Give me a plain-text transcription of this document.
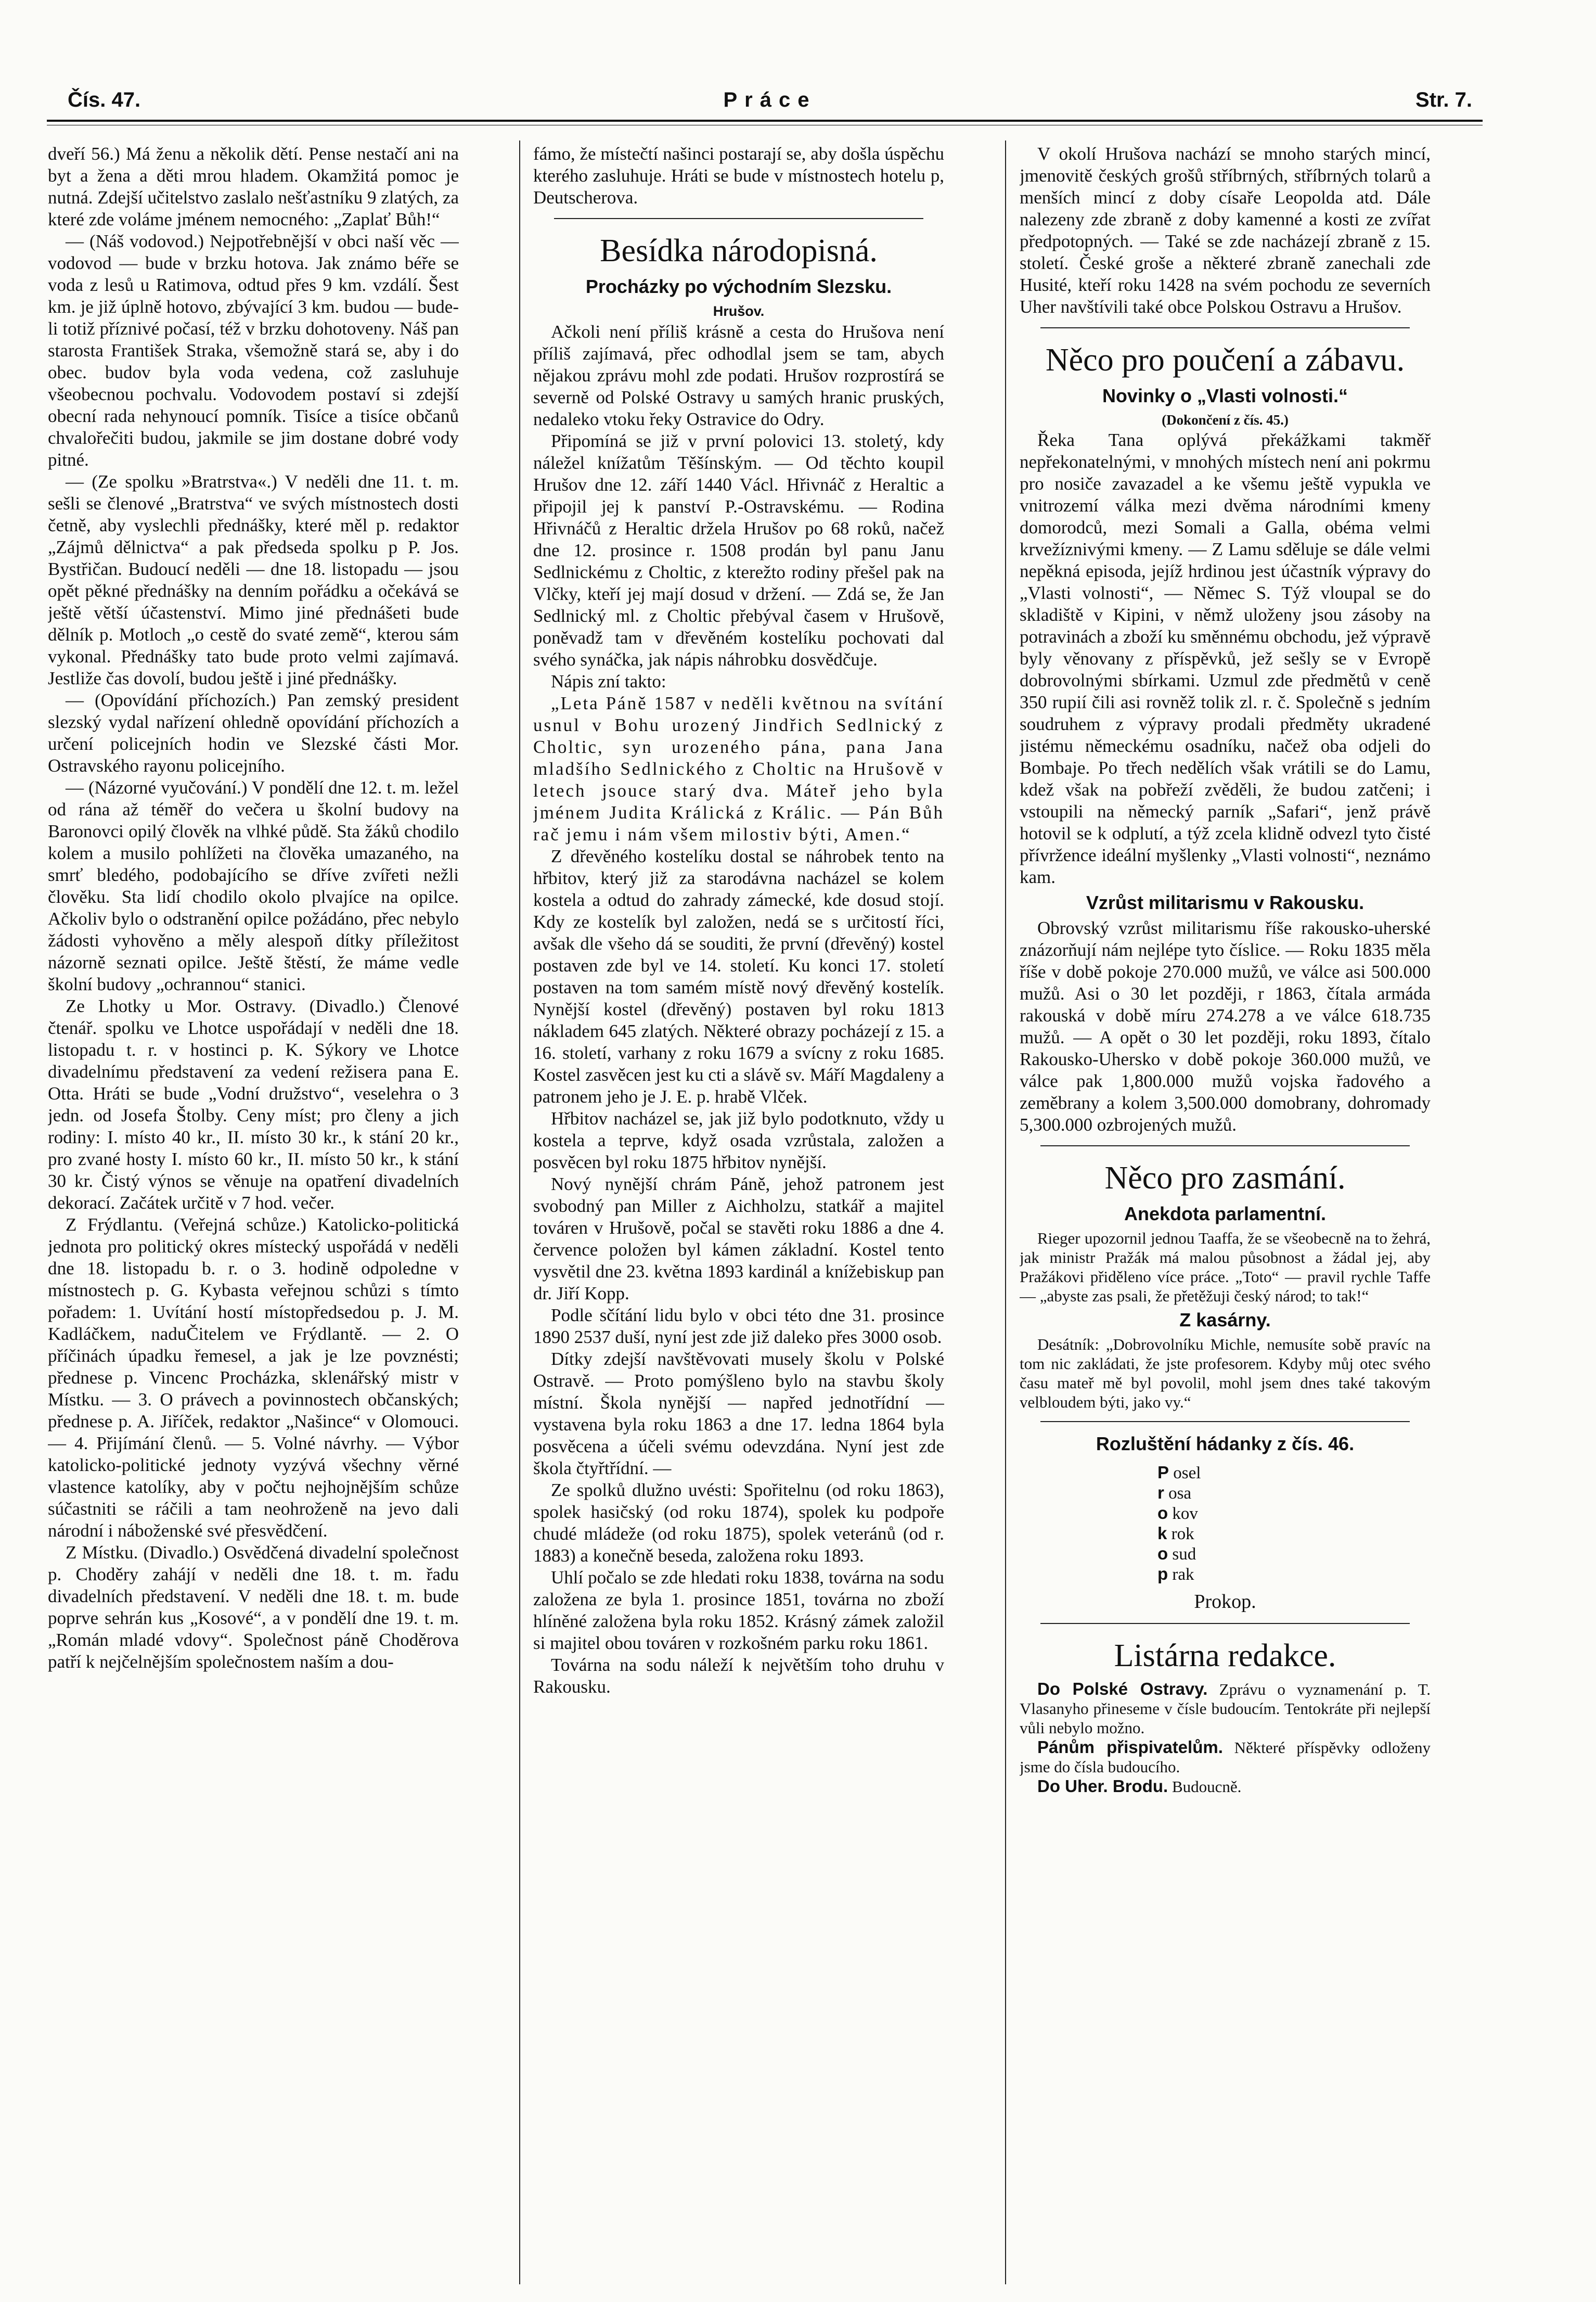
Čís. 47.	Práce	Str. 7.

dveří 56.) Má ženu a několik dětí. Pense nestačí ani na byt a žena a děti mrou hladem. Okamžitá pomoc je nutná. Zdejší učitelstvo zaslalo nešťastníku 9 zlatých, za které zde voláme jménem nemocného: „Zaplať Bůh!“

— (Náš vodovod.) Nejpotřebnější v obci naší věc — vodovod — bude v brzku hotova. Jak známo béře se voda z lesů u Ratimova, odtud přes 9 km. vzdálí. Šest km. je již úplně hotovo, zbývající 3 km. budou — bude-li totiž příznivé počasí, též v brzku dohotoveny. Náš pan starosta František Straka, všemožně stará se, aby i do obec. budov byla voda vedena, což zasluhuje všeobecnou pochvalu. Vodovodem postaví si zdejší obecní rada nehynoucí pomník. Tisíce a tisíce občanů chvalořečiti budou, jakmile se jim dostane dobré vody pitné.

— (Ze spolku »Bratrstva«.) V neděli dne 11. t. m. sešli se členové „Bratrstva“ ve svých místnostech dosti četně, aby vyslechli přednášky, které měl p. redaktor „Zájmů dělnictva“ a pak předseda spolku p P. Jos. Bystřičan. Budoucí neděli — dne 18. listopadu — jsou opět pěkné přednášky na denním pořádku a očekává se ještě větší účastenství. Mimo jiné přednášeti bude dělník p. Motloch „o cestě do svaté země“, kterou sám vykonal. Přednášky tato bude proto velmi zajímavá. Jestliže čas dovolí, budou ještě i jiné přednášky.

— (Opovídání příchozích.) Pan zemský president slezský vydal nařízení ohledně opovídání příchozích a určení policejních hodin ve Slezské části Mor. Ostravského rayonu policejního.

— (Názorné vyučování.) V pondělí dne 12. t. m. ležel od rána až téměř do večera u školní budovy na Baronovci opilý člověk na vlhké půdě. Sta žáků chodilo kolem a musilo pohlížeti na člověka umazaného, na smrť bledého, podobajícího se dříve zvířeti nežli člověku. Sta lidí chodilo okolo plvajíce na opilce. Ačkoliv bylo o odstranění opilce požádáno, přec nebylo žádosti vyhověno a měly alespoň dítky příležitost názorně seznati opilce. Ještě štěstí, že máme vedle školní budovy „ochrannou“ stanici.

Ze Lhotky u Mor. Ostravy. (Divadlo.) Členové čtenář. spolku ve Lhotce uspořádají v neděli dne 18. listopadu t. r. v hostinci p. K. Sýkory ve Lhotce divadelnímu představení za vedení režisera pana E. Otta. Hráti se bude „Vodní družstvo“, veselehra o 3 jedn. od Josefa Štolby. Ceny míst; pro členy a jich rodiny: I. místo 40 kr., II. místo 30 kr., k stání 20 kr., pro zvané hosty I. místo 60 kr., II. místo 50 kr., k stání 30 kr. Čistý výnos se věnuje na opatření divadelních dekorací. Začátek určitě v 7 hod. večer.

Z Frýdlantu. (Veřejná schůze.) Katolicko-politická jednota pro politický okres místecký uspořádá v neděli dne 18. listopadu b. r. o 3. hodině odpoledne v místnostech p. G. Kybasta veřejnou schůzi s tímto pořadem: 1. Uvítání hostí místopředsedou p. J. M. Kadláčkem, naduČitelem ve Frýdlantě. — 2. O příčinách úpadku řemesel, a jak je lze povznésti; přednese p. Vincenc Procházka, sklenářský mistr v Místku. — 3. O právech a povinnostech občanských; přednese p. A. Jiříček, redaktor „Našince“ v Olomouci. — 4. Přijímání členů. — 5. Volné návrhy. — Výbor katolicko-politické jednoty vyzývá všechny věrné vlastence katolíky, aby v počtu nejhojnějším schůze súčastniti se ráčili a tam neohroženě na jevo dali národní i náboženské své přesvědčení.

Z Místku. (Divadlo.) Osvědčená divadelní společnost p. Choděry zahájí v neděli dne 18. t. m. řadu divadelních představení. V neděli dne 18. t. m. bude poprve sehrán kus „Kosové“, a v pondělí dne 19. t. m. „Román mladé vdovy“. Společnost páně Choděrova patří k nejčelnějším společnostem naším a dou-

fámo, že místečtí našinci postarají se, aby došla úspěchu kterého zasluhuje. Hráti se bude v místnostech hotelu p, Deutscherova.

Besídka národopisná.

Procházky po východním Slezsku.

Hrušov.

Ačkoli není příliš krásně a cesta do Hrušova není příliš zajímavá, přec odhodlal jsem se tam, abych nějakou zprávu mohl zde podati. Hrušov rozprostírá se severně od Polské Ostravy u samých hranic pruských, nedaleko vtoku řeky Ostravice do Odry.

Připomíná se již v první polovici 13. stoletý, kdy náležel knížatům Těšínským. — Od těchto koupil Hrušov dne 12. září 1440 Václ. Hřivnáč z Heraltic a připojil jej k panství P.-Ostravskému. — Rodina Hřivnáčů z Heraltic držela Hrušov po 68 roků, načež dne 12. prosince r. 1508 prodán byl panu Janu Sedlnickému z Choltic, z kterežto rodiny přešel pak na Vlčky, kteří jej mají dosud v držení. — Zdá se, že Jan Sedlnický ml. z Choltic přebýval časem v Hrušově, poněvadž tam v dřevěném kostelíku pochovati dal svého synáčka, jak nápis náhrobku dosvědčuje.

Nápis zní takto:

„Leta Páně 1587 v neděli květnou na svítání usnul v Bohu urozený Jindřich Sedlnický z Choltic, syn urozeného pána, pana Jana mladšího Sedlnického z Choltic na Hrušově v letech jsouce starý dva. Máteř jeho byla jménem Judita Králická z Králic. — Pán Bůh rač jemu i nám všem milostiv býti, Amen.“

Z dřevěného kostelíku dostal se náhrobek tento na hřbitov, který již za starodávna nacházel se kolem kostela a odtud do zahrady zámecké, kde dosud stojí. Kdy ze kostelík byl založen, nedá se s určitostí říci, avšak dle všeho dá se souditi, že první (dřevěný) kostel postaven zde byl ve 14. století. Ku konci 17. století postaven na tom samém místě nový dřevěný kostelík. Nynější kostel (dřevěný) postaven byl roku 1813 nákladem 645 zlatých. Některé obrazy pocházejí z 15. a 16. století, varhany z roku 1679 a svícny z roku 1685. Kostel zasvěcen jest ku cti a slávě sv. Máří Magdaleny a patronem jeho je J. E. p. hrabě Vlček.

Hřbitov nacházel se, jak již bylo podotknuto, vždy u kostela a teprve, když osada vzrůstala, založen a posvěcen byl roku 1875 hřbitov nynější.

Nový nynější chrám Páně, jehož patronem jest svobodný pan Miller z Aichholzu, statkář a majitel továren v Hrušově, počal se stavěti roku 1886 a dne 4. července položen byl kámen základní. Kostel tento vysvětil dne 23. května 1893 kardinál a knížebiskup pan dr. Jiří Kopp.

Podle sčítání lidu bylo v obci této dne 31. prosince 1890 2537 duší, nyní jest zde již daleko přes 3000 osob.

Dítky zdejší navštěvovati musely školu v Polské Ostravě. — Proto pomýšleno bylo na stavbu školy místní. Škola nynější — napřed jednotřídní — vystavena byla roku 1863 a dne 17. ledna 1864 byla posvěcena a účeli svému odevzdána. Nyní jest zde škola čtyřtřídní. —

Ze spolků dlužno uvésti: Spořitelnu (od roku 1863), spolek hasičský (od roku 1874), spolek ku podpoře chudé mládeže (od roku 1875), spolek veteránů (od r. 1883) a konečně beseda, založena roku 1893.

Uhlí počalo se zde hledati roku 1838, továrna na sodu založena ze byla 1. prosince 1851, továrna no zboží hlíněné založena byla roku 1852. Krásný zámek založil si majitel obou továren v rozkošném parku roku 1861.

Továrna na sodu náleží k největším toho druhu v Rakousku.

V okolí Hrušova nachází se mnoho starých mincí, jmenovitě českých grošů stříbrných, stříbrných tolarů a menších mincí z doby císaře Leopolda atd. Dále nalezeny zde zbraně z doby kamenné a kosti ze zvířat předpotopných. — Také se zde nacházejí zbraně z 15. století. České groše a některé zbraně zanechali zde Husité, kteří roku 1428 na svém pochodu ze severních Uher navštívili také obce Polskou Ostravu a Hrušov.

Něco pro poučení a zábavu.

Novinky o „Vlasti volnosti.“

(Dokončení z čís. 45.)

Řeka Tana oplývá překážkami takměř nepřekonatelnými, v mnohých místech není ani pokrmu pro nosiče zavazadel a ke všemu ještě vypukla ve vnitrozemí válka mezi dvěma národními kmeny domorodců, mezi Somali a Galla, obéma velmi krvežíznivými kmeny. — Z Lamu sděluje se dále velmi nepěkná episoda, jejíž hrdinou jest účastník výpravy do „Vlasti volnosti“, — Němec S. Týž vloupal se do skladiště v Kipini, v němž uloženy jsou zásoby na potravinách a zboží ku směnnému obchodu, jež výpravě byly věnovany z příspěvků, jež sešly se v Evropě dobrovolnými sbírkami. Uzmul zde předmětů v ceně 350 rupií čili asi rovněž tolik zl. r. č. Společně s jedním soudruhem z výpravy prodali předměty ukradené jistému německému osadníku, načež oba odjeli do Bombaje. Po třech nedělích však vrátili se do Lamu, kdež však na pobřeží zvěděli, že budou zatčeni; i vstoupili na německý parník „Safari“, jenž právě hotovil se k odplutí, a týž zcela klidně odvezl tyto čisté přívržence ideální myšlenky „Vlasti volnosti“, neznámo kam.

Vzrůst militarismu v Rakousku.

Obrovský vzrůst militarismu říše rakousko-uherské znázorňují nám nejlépe tyto číslice. — Roku 1835 měla říše v době pokoje 270.000 mužů, ve válce asi 500.000 mužů. Asi o 30 let později, r 1863, čítala armáda rakouská v době míru 274.278 a ve válce 618.735 mužů. — A opět o 30 let později, roku 1893, čítalo Rakousko-Uhersko v době pokoje 360.000 mužů, ve válce pak 1,800.000 mužů vojska řadového a zeměbrany a kolem 3,500.000 domobrany, dohromady 5,300.000 ozbrojených mužů.

Něco pro zasmání.

Anekdota parlamentní.

Rieger upozornil jednou Taaffa, že se všeobecně na to žehrá, jak ministr Pražák má malou působnost a žádal jej, aby Pražákovi přiděleno více práce. „Toto“ — pravil rychle Taffe — „abyste zas psali, že přetěžuji český národ; to tak!“

Z kasárny.

Desátník: „Dobrovolníku Michle, nemusíte sobě pravíc na tom nic zakládati, že jste profesorem. Kdyby můj otec svého času mateř mě byl povolil, mohl jsem dnes také takovým velbloudem býti, jako vy.“

Rozluštění hádanky z čís. 46.

P osel
r osa
o kov
k rok
o sud
p rak

Prokop.

Listárna redakce.

Do Polské Ostravy. Zprávu o vyznamenání p. T. Vlasanyho přineseme v čísle budoucím. Tentokráte při nejlepší vůli nebylo možno.

Pánům přispivatelům. Některé příspěvky odloženy jsme do čísla budoucího.

Do Uher. Brodu. Budoucně.
